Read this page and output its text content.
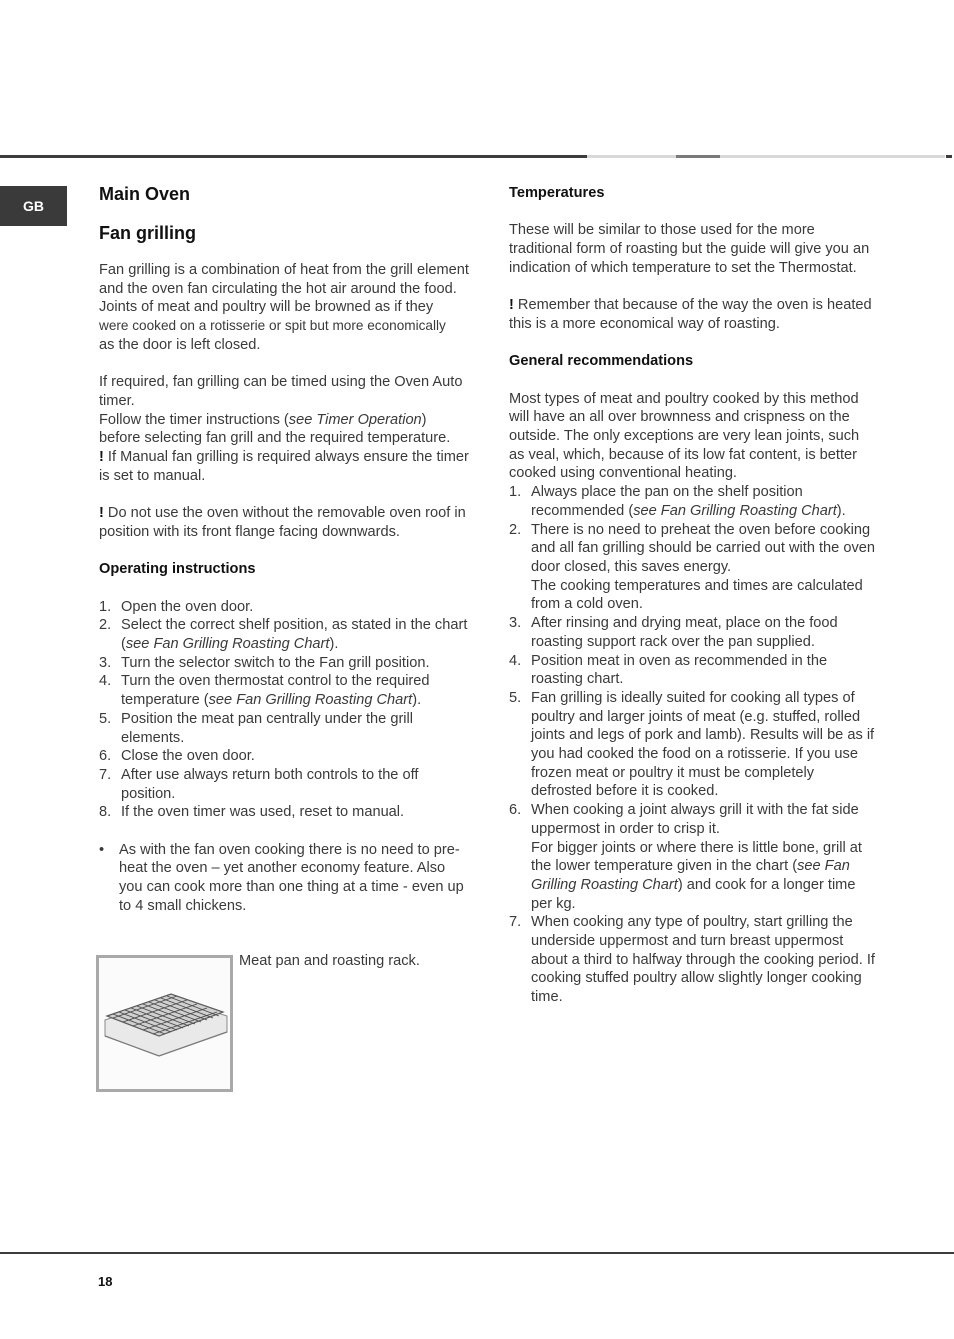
GB
Main Oven
Fan grilling

Fan grilling is a combination of heat from the grill element and the oven fan circulating the hot air around the food.

Joints of meat and poultry will be browned as if they

were cooked on a rotisserie or spit but more economically

as the door is left closed.

If required, fan grilling can be timed using the Oven Auto timer.

Follow the timer instructions (see Timer Operation) before selecting fan grill and the required temperature.

! If Manual fan grilling is required always ensure the timer is set to manual.

! Do not use the oven without the removable oven roof in position with its front flange facing downwards.

Operating instructions

1. Open the oven door.
2. Select the correct shelf position, as stated in the chart (see Fan Grilling Roasting Chart).
3. Turn the selector switch to the Fan grill position.
4. Turn the oven thermostat control to the required temperature (see Fan Grilling Roasting Chart).
5. Position the meat pan centrally under the grill elements.
6. Close the oven door.
7. After use always return both controls to the off position.
8. If the oven timer was used, reset to manual.
• As with the fan oven cooking there is no need to pre-heat the oven – yet another economy feature. Also you can cook more than one thing at a time - even up to 4 small chickens.
Meat pan and roasting rack.

Temperatures

These will be similar to those used for the more traditional form of roasting but the guide will give you an indication of which temperature to set the Thermostat.

! Remember that because of the way the oven is heated this is a more economical way of roasting.

General recommendations

Most types of meat and poultry cooked by this method will have an all over brownness and crispness on the outside. The only exceptions are very lean joints, such as veal, which, because of its low fat content, is better cooked using conventional heating.

1. Always place the pan on the shelf position recommended (see Fan Grilling Roasting Chart).
2. There is no need to preheat the oven before cooking and all fan grilling should be carried out with the oven door closed, this saves energy.
The cooking temperatures and times are calculated from a cold oven.
3. After rinsing and drying meat, place on the food roasting support rack over the pan supplied.
4. Position meat in oven as recommended in the roasting chart.
5. Fan grilling is ideally suited for cooking all types of poultry and larger joints of meat (e.g. stuffed, rolled joints and legs of pork and lamb). Results will be as if you had cooked the food on a rotisserie. If you use frozen meat or poultry it must be completely defrosted before it is cooked.
6. When cooking a joint always grill it with the fat side uppermost in order to crisp it.
For bigger joints or where there is little bone, grill at the lower temperature given in the chart (see Fan Grilling Roasting Chart) and cook for a longer time per kg.
7. When cooking any type of poultry, start grilling the underside uppermost and turn breast uppermost about a third to halfway through the cooking period. If cooking stuffed poultry allow slightly longer cooking time.
18
